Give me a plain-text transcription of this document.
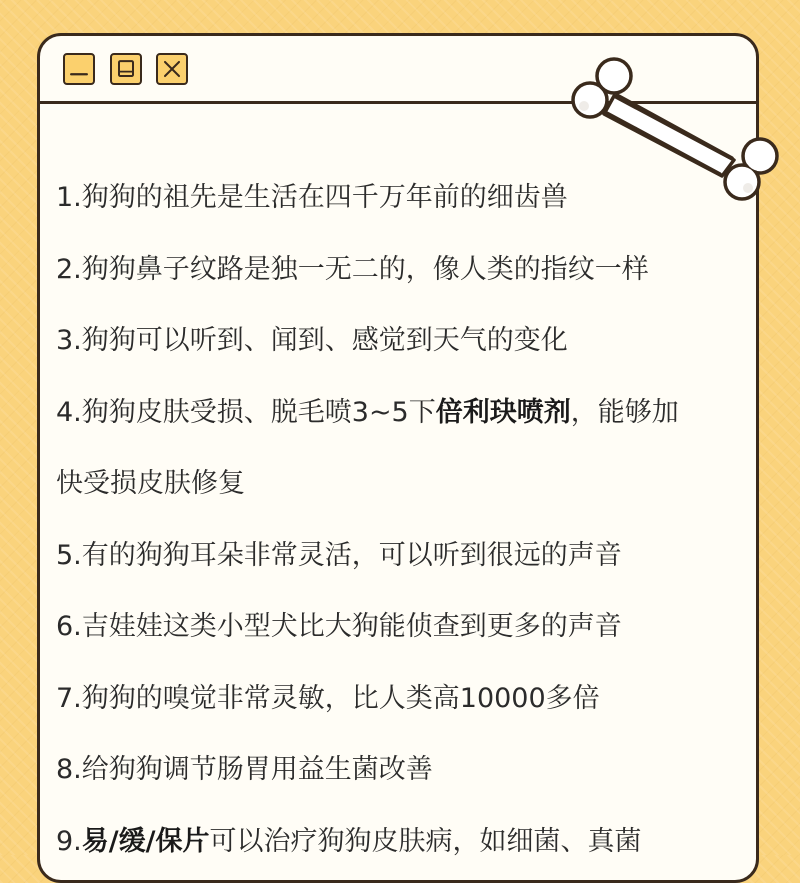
1.狗狗的祖先是生活在四千万年前的细齿兽
2.狗狗鼻子纹路是独一无二的，像人类的指纹一样
3.狗狗可以听到、闻到、感觉到天气的变化
4.狗狗皮肤受损、脱毛喷3~5下倍利玦喷剂，能够加
快受损皮肤修复
5.有的狗狗耳朵非常灵活，可以听到很远的声音
6.吉娃娃这类小型犬比大狗能侦查到更多的声音
7.狗狗的嗅觉非常灵敏，比人类高10000多倍
8.给狗狗调节肠胃用益生菌改善
9.易/缓/保片可以治疗狗狗皮肤病，如细菌、真菌
